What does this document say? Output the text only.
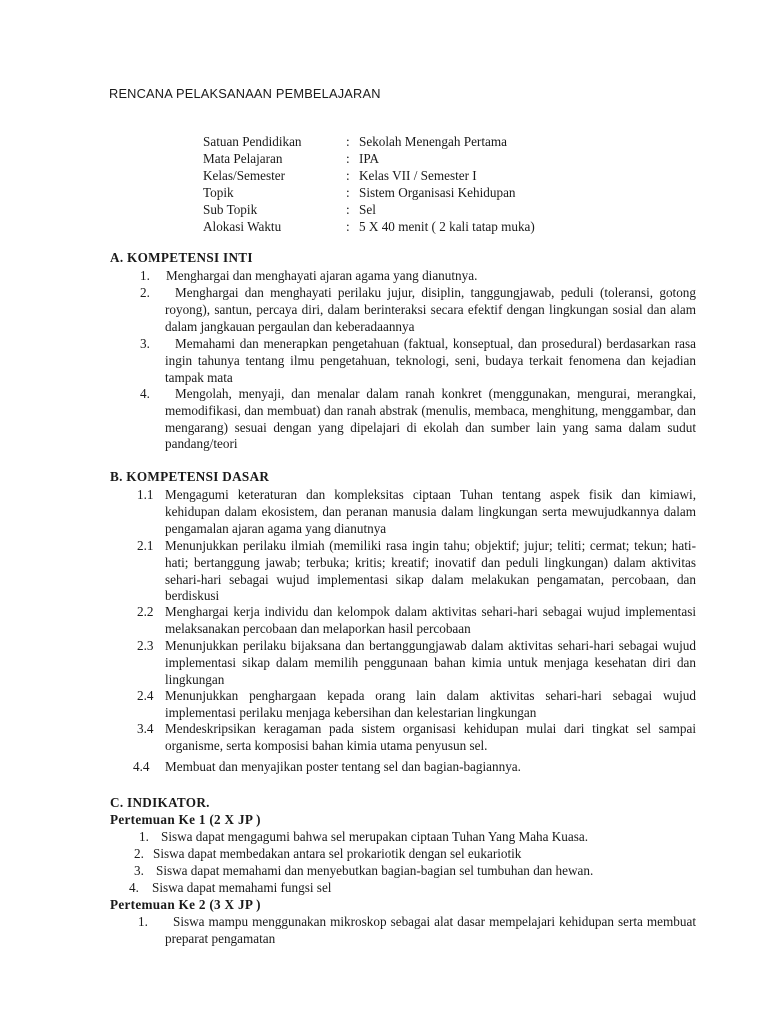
RENCANA PELAKSANAAN PEMBELAJARAN
Satuan Pendidikan	: Sekolah Menengah Pertama
Mata Pelajaran	: IPA
Kelas/Semester	: Kelas VII / Semester I
Topik	: Sistem Organisasi Kehidupan
Sub Topik	: Sel
Alokasi Waktu	: 5 X 40 menit ( 2 kali tatap muka)
A. KOMPETENSI INTI
1. Menghargai dan menghayati ajaran agama yang dianutnya.
2.	Menghargai dan menghayati perilaku jujur, disiplin, tanggungjawab, peduli (toleransi, gotong royong), santun, percaya diri, dalam berinteraksi secara efektif dengan lingkungan sosial dan alam dalam jangkauan pergaulan dan keberadaannya
3.	Memahami dan menerapkan pengetahuan (faktual, konseptual, dan prosedural) berdasarkan rasa ingin tahunya tentang ilmu pengetahuan, teknologi, seni, budaya terkait fenomena dan kejadian tampak mata
4.	Mengolah, menyaji, dan menalar dalam ranah konkret (menggunakan, mengurai, merangkai, memodifikasi, dan membuat) dan ranah abstrak (menulis, membaca, menghitung, menggambar, dan mengarang) sesuai dengan yang dipelajari di ekolah dan sumber lain yang sama dalam sudut pandang/teori
B. KOMPETENSI DASAR
1.1 Mengagumi keteraturan dan kompleksitas ciptaan Tuhan tentang aspek fisik dan kimiawi, kehidupan dalam ekosistem, dan peranan manusia dalam lingkungan serta mewujudkannya dalam pengamalan ajaran agama yang dianutnya
2.1 Menunjukkan perilaku ilmiah (memiliki rasa ingin tahu; objektif; jujur; teliti; cermat; tekun; hati-hati; bertanggung jawab; terbuka; kritis; kreatif; inovatif dan peduli lingkungan) dalam aktivitas sehari-hari sebagai wujud implementasi sikap dalam melakukan pengamatan, percobaan, dan berdiskusi
2.2 Menghargai kerja individu dan kelompok dalam aktivitas sehari-hari sebagai wujud implementasi melaksanakan percobaan dan melaporkan hasil percobaan
2.3 Menunjukkan perilaku bijaksana dan bertanggungjawab dalam aktivitas sehari-hari sebagai wujud implementasi sikap dalam memilih penggunaan bahan kimia untuk menjaga kesehatan diri dan lingkungan
2.4 Menunjukkan penghargaan kepada orang lain dalam aktivitas sehari-hari sebagai wujud implementasi perilaku menjaga kebersihan dan kelestarian lingkungan
3.4 Mendeskripsikan keragaman pada sistem organisasi kehidupan mulai dari tingkat sel sampai organisme, serta komposisi bahan kimia utama penyusun sel.
4.4 Membuat dan menyajikan poster tentang sel dan bagian-bagiannya.
C. INDIKATOR.
Pertemuan Ke 1 (2 X JP )
1. Siswa dapat mengagumi bahwa sel merupakan ciptaan Tuhan Yang Maha Kuasa.
2. Siswa dapat membedakan antara sel prokariotik dengan sel eukariotik
3. Siswa dapat memahami dan menyebutkan bagian-bagian sel tumbuhan dan hewan.
4. Siswa dapat memahami fungsi sel
Pertemuan Ke 2 (3 X JP )
1.	Siswa mampu menggunakan mikroskop sebagai alat dasar mempelajari kehidupan serta membuat preparat pengamatan
